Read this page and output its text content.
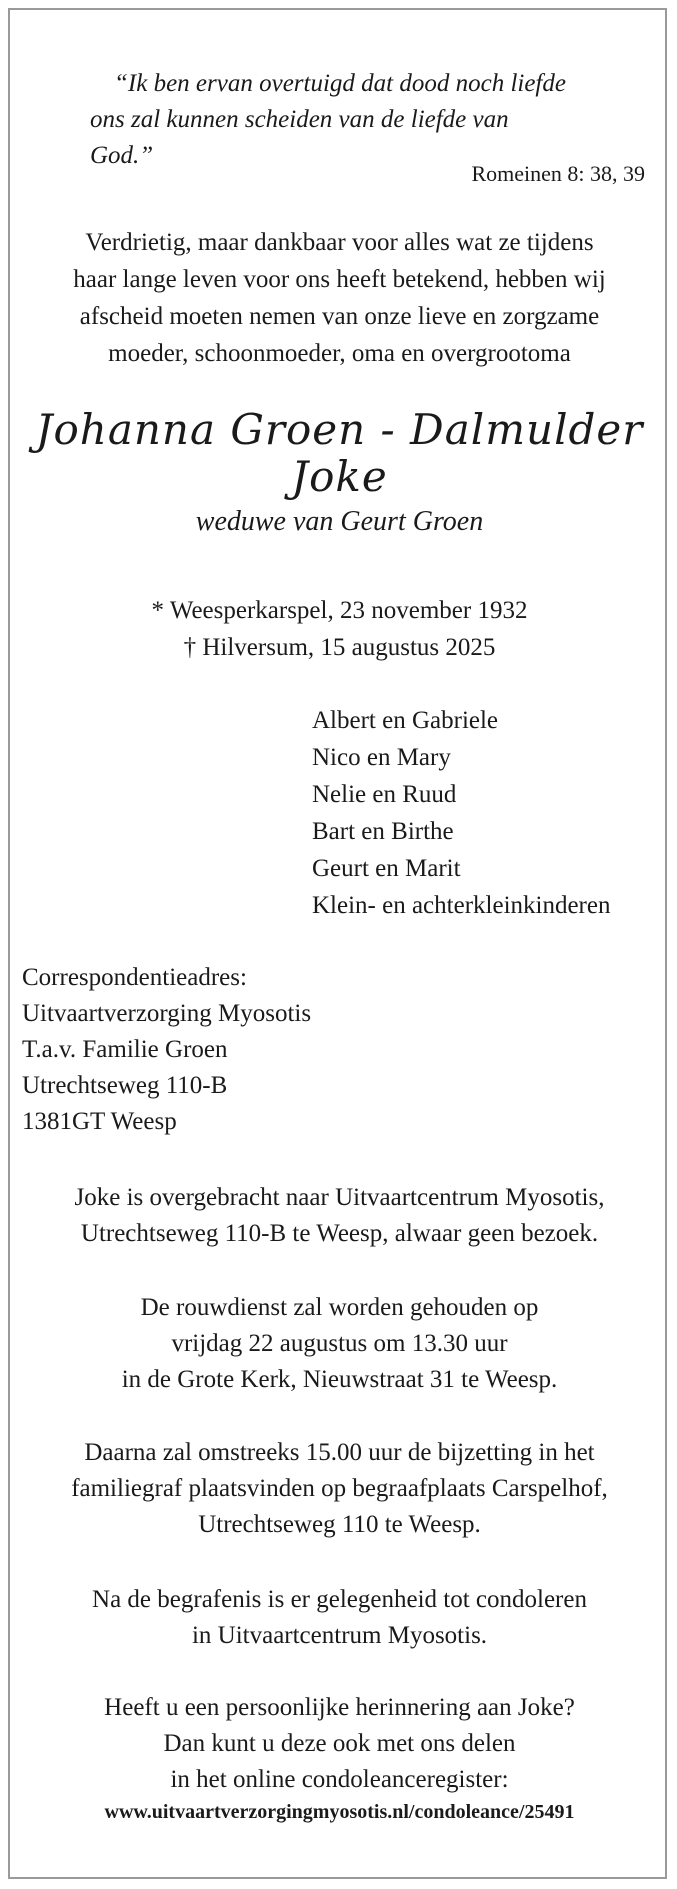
“Ik ben ervan overtuigd dat dood noch liefde
ons zal kunnen scheiden van de liefde van God.”
Romeinen 8: 38, 39
Verdrietig, maar dankbaar voor alles wat ze tijdens
haar lange leven voor ons heeft betekend, hebben wij
afscheid moeten nemen van onze lieve en zorgzame
moeder, schoonmoeder, oma en overgrootoma
Johanna Groen - Dalmulder
Joke
weduwe van Geurt Groen
* Weesperkarspel, 23 november 1932
† Hilversum, 15 augustus 2025
Albert en Gabriele
Nico en Mary
Nelie en Ruud
Bart en Birthe
Geurt en Marit
Klein- en achterkleinkinderen
Correspondentieadres:
Uitvaartverzorging Myosotis
T.a.v. Familie Groen
Utrechtseweg 110-B
1381GT Weesp
Joke is overgebracht naar Uitvaartcentrum Myosotis,
Utrechtseweg 110-B te Weesp, alwaar geen bezoek.
De rouwdienst zal worden gehouden op
vrijdag 22 augustus om 13.30 uur
in de Grote Kerk, Nieuwstraat 31 te Weesp.
Daarna zal omstreeks 15.00 uur de bijzetting in het
familiegraf plaatsvinden op begraafplaats Carspelhof,
Utrechtseweg 110 te Weesp.
Na de begrafenis is er gelegenheid tot condoleren
in Uitvaartcentrum Myosotis.
Heeft u een persoonlijke herinnering aan Joke?
Dan kunt u deze ook met ons delen
in het online condoleanceregister:
www.uitvaartverzorgingmyosotis.nl/condoleance/25491
